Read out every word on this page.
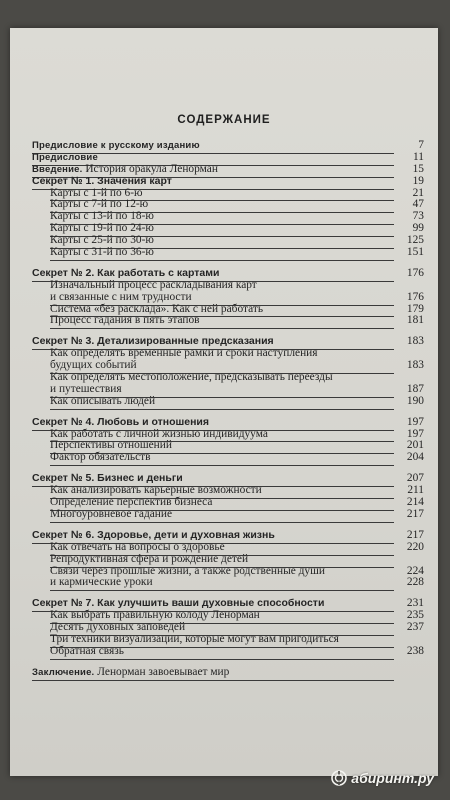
СОДЕРЖАНИЕ
Предисловие к русскому изданию	7
Предисловие	11
Введение. История оракула Ленорман	15
Секрет № 1. Значения карт	19
Карты с 1-й по 6-ю	21
Карты с 7-й по 12-ю	47
Карты с 13-й по 18-ю	73
Карты с 19-й по 24-ю	99
Карты с 25-й по 30-ю	125
Карты с 31-й по 36-ю	151
Секрет № 2. Как работать с картами	176
Изначальный процесс раскладывания карт
и связанные с ним трудности	176
Система «без расклада». Как с ней работать	179
Процесс гадания в пять этапов	181
Секрет № 3. Детализированные предсказания	183
Как определять временные рамки и сроки наступления
будущих событий	183
Как определять местоположение, предсказывать переезды
и путешествия	187
Как описывать людей	190
Секрет № 4. Любовь и отношения	197
Как работать с личной жизнью индивидуума	197
Перспективы отношений	201
Фактор обязательств	204
Секрет № 5. Бизнес и деньги	207
Как анализировать карьерные возможности	211
Определение перспектив бизнеса	214
Многоуровневое гадание	217
Секрет № 6. Здоровье, дети и духовная жизнь	217
Как отвечать на вопросы о здоровье	220
Репродуктивная сфера и рождение детей
Связи через прошлые жизни, а также родственные души	224
и кармические уроки	228
Секрет № 7. Как улучшить ваши духовные способности	231
Как выбрать правильную колоду Ленорман	235
Десять духовных заповедей	237
Три техники визуализации, которые могут вам пригодиться
Обратная связь	238
Заключение. Ленорман завоевывает мир
абиринт.ру
